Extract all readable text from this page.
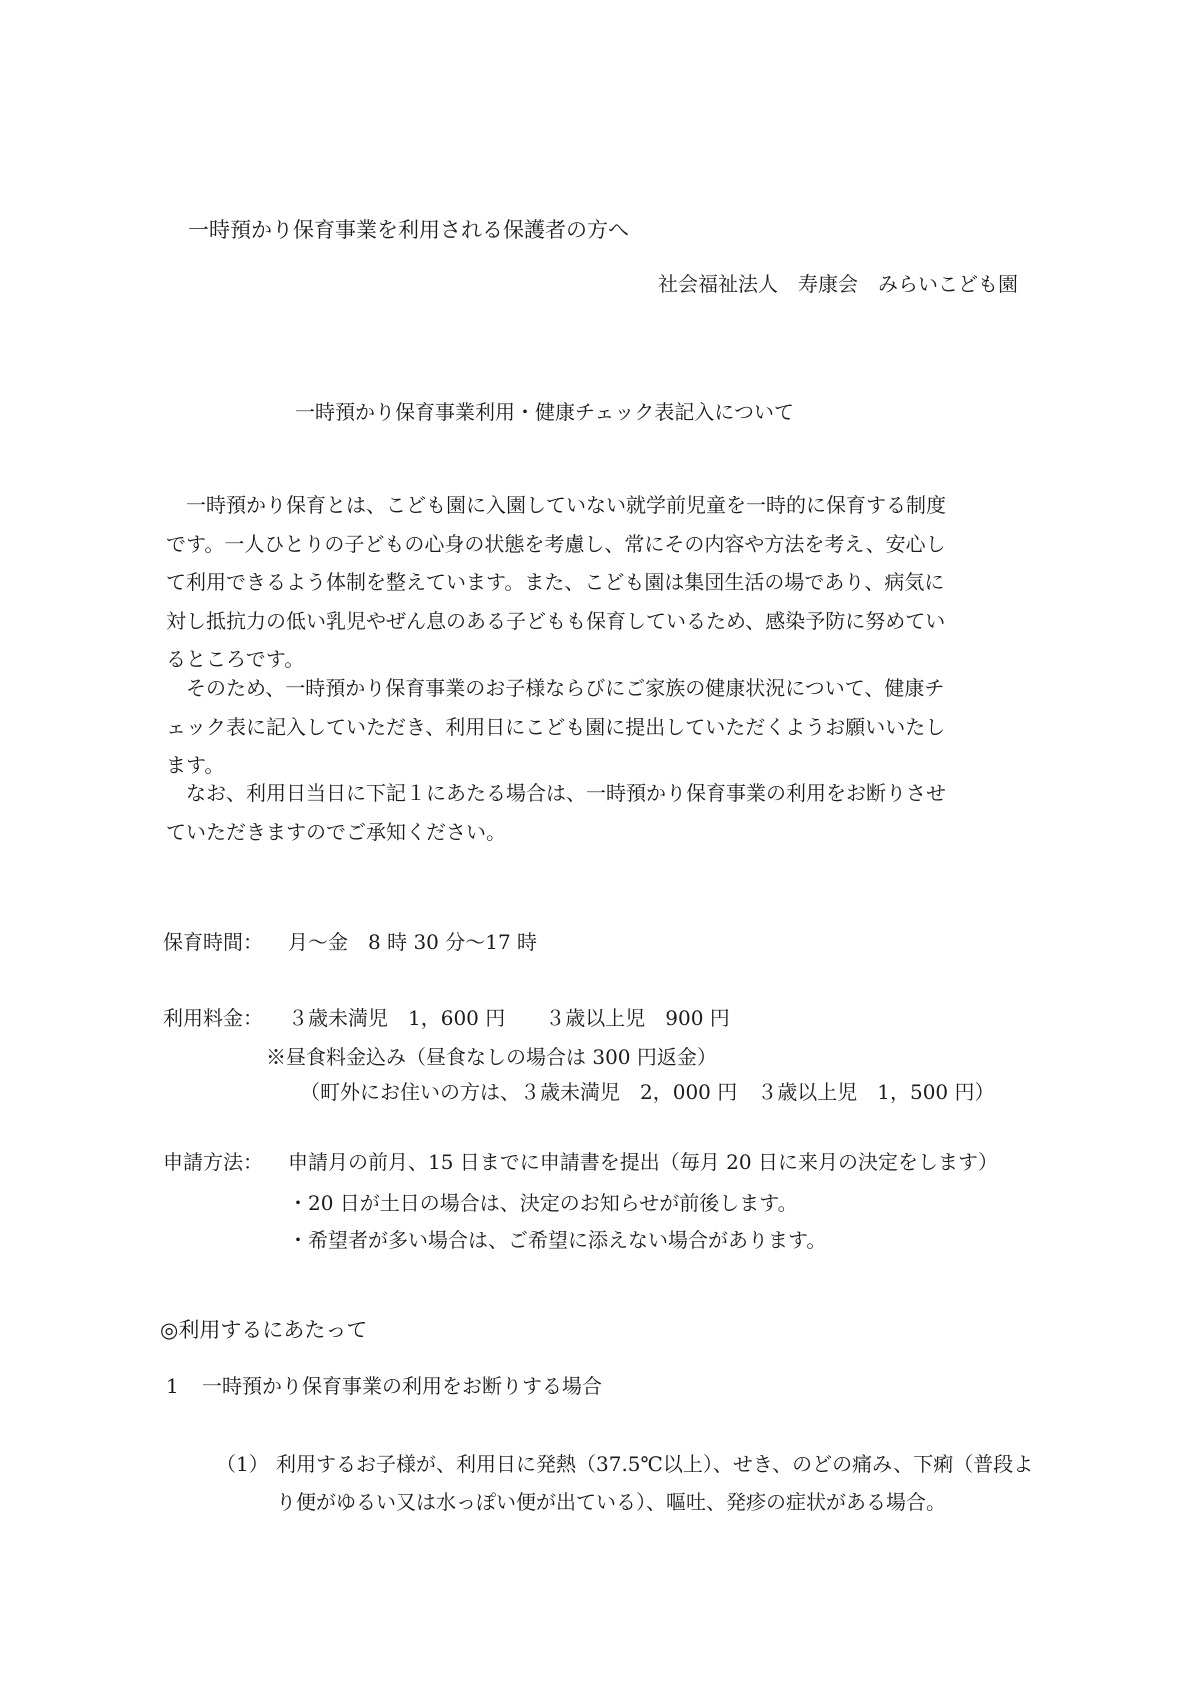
一時預かり保育事業を利用される保護者の方へ
社会福祉法人　寿康会　みらいこども園
一時預かり保育事業利用・健康チェック表記入について
一時預かり保育とは、こども園に入園していない就学前児童を一時的に保育する制度です。一人ひとりの子どもの心身の状態を考慮し、常にその内容や方法を考え、安心して利用できるよう体制を整えています。また、こども園は集団生活の場であり、病気に対し抵抗力の低い乳児やぜん息のある子どもも保育しているため、感染予防に努めているところです。
そのため、一時預かり保育事業のお子様ならびにご家族の健康状況について、健康チェック表に記入していただき、利用日にこども園に提出していただくようお願いいたします。
なお、利用日当日に下記１にあたる場合は、一時預かり保育事業の利用をお断りさせていただきますのでご承知ください。
保育時間： 月～金　8 時 30 分～17 時
利用料金： ３歳未満児　1，600 円　　３歳以上児　900 円
※昼食料金込み（昼食なしの場合は 300 円返金）
（町外にお住いの方は、３歳未満児　2，000 円　３歳以上児　1，500 円）
申請方法： 申請月の前月、15 日までに申請書を提出（毎月 20 日に来月の決定をします）
・20 日が土日の場合は、決定のお知らせが前後します。
・希望者が多い場合は、ご希望に添えない場合があります。
◎利用するにあたって
1 一時預かり保育事業の利用をお断りする場合
（1） 利用するお子様が、利用日に発熱（37.5℃以上）、せき、のどの痛み、下痢（普段より便がゆるい又は水っぽい便が出ている）、嘔吐、発疹の症状がある場合。
